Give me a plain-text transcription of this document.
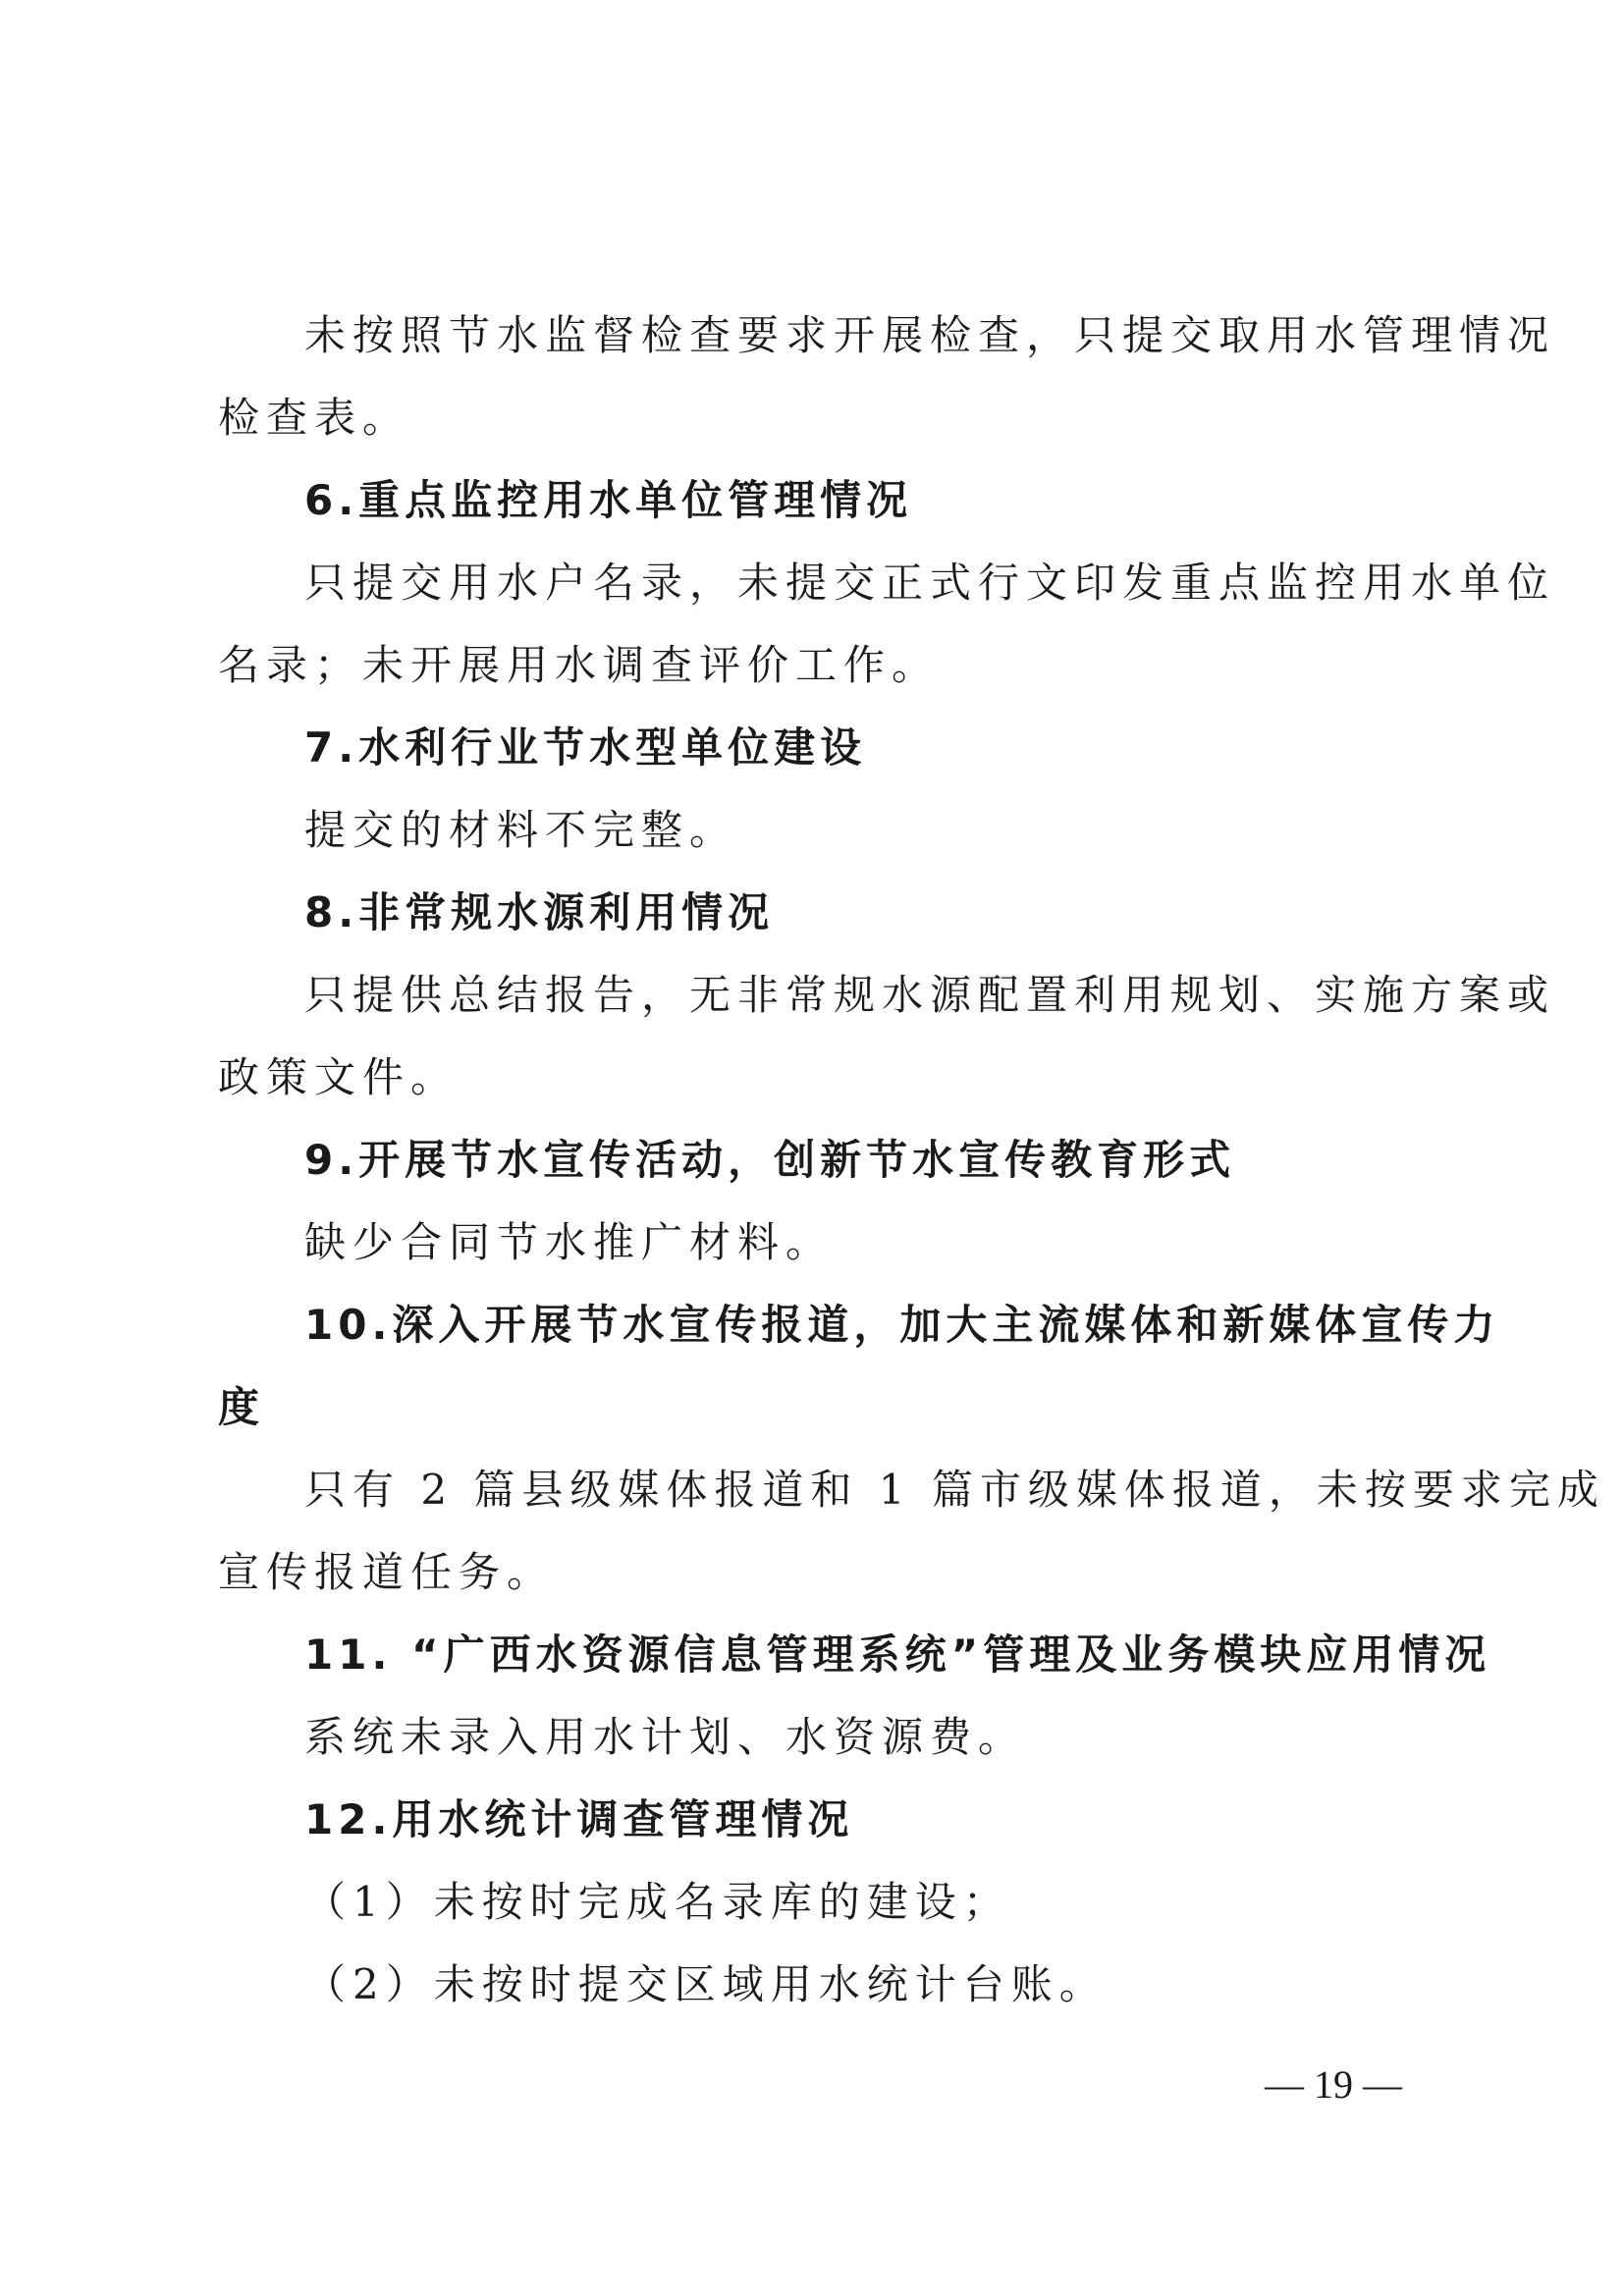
未按照节水监督检查要求开展检查，只提交取用水管理情况
检查表。
6.重点监控用水单位管理情况
只提交用水户名录，未提交正式行文印发重点监控用水单位
名录；未开展用水调查评价工作。
7.水利行业节水型单位建设
提交的材料不完整。
8.非常规水源利用情况
只提供总结报告，无非常规水源配置利用规划、实施方案或
政策文件。
9.开展节水宣传活动，创新节水宣传教育形式
缺少合同节水推广材料。
10.深入开展节水宣传报道，加大主流媒体和新媒体宣传力
度
只有 2 篇县级媒体报道和 1 篇市级媒体报道，未按要求完成
宣传报道任务。
11. “广西水资源信息管理系统”管理及业务模块应用情况
系统未录入用水计划、水资源费。
12.用水统计调查管理情况
（1）未按时完成名录库的建设；
（2）未按时提交区域用水统计台账。
— 19 —
